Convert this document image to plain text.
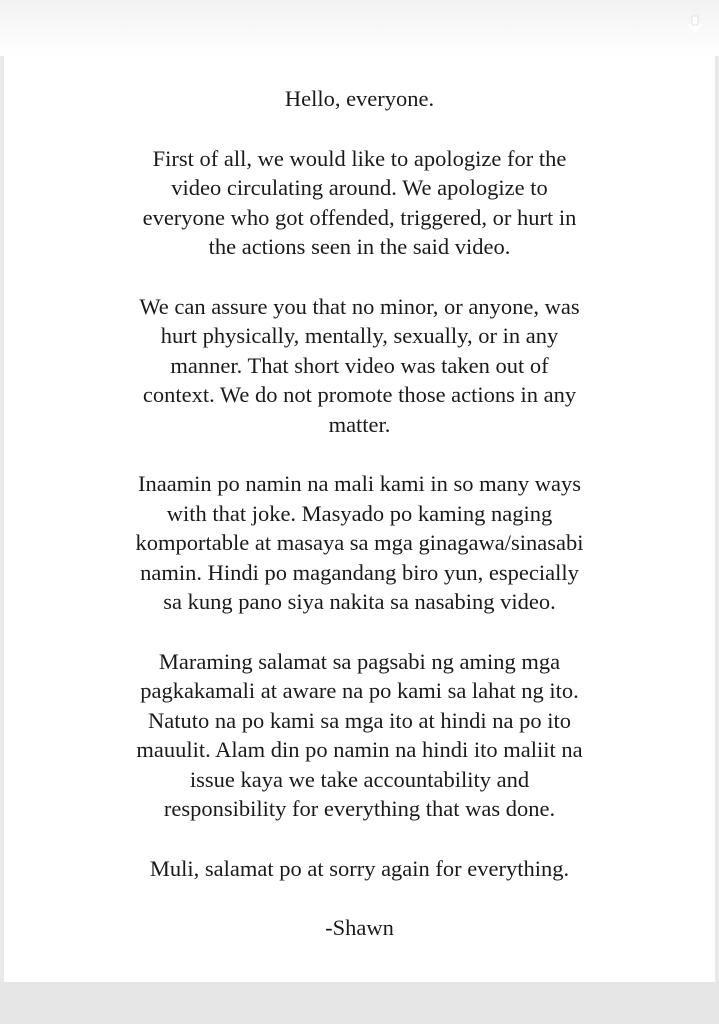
Hello, everyone.

First of all, we would like to apologize for the
video circulating around. We apologize to
everyone who got offended, triggered, or hurt in
the actions seen in the said video.

We can assure you that no minor, or anyone, was
hurt physically, mentally, sexually, or in any
manner. That short video was taken out of
context. We do not promote those actions in any
matter.

Inaamin po namin na mali kami in so many ways
with that joke. Masyado po kaming naging
komportable at masaya sa mga ginagawa/sinasabi
namin. Hindi po magandang biro yun, especially
sa kung pano siya nakita sa nasabing video.

Maraming salamat sa pagsabi ng aming mga
pagkakamali at aware na po kami sa lahat ng ito.
Natuto na po kami sa mga ito at hindi na po ito
mauulit. Alam din po namin na hindi ito maliit na
issue kaya we take accountability and
responsibility for everything that was done.

Muli, salamat po at sorry again for everything.

-Shawn
